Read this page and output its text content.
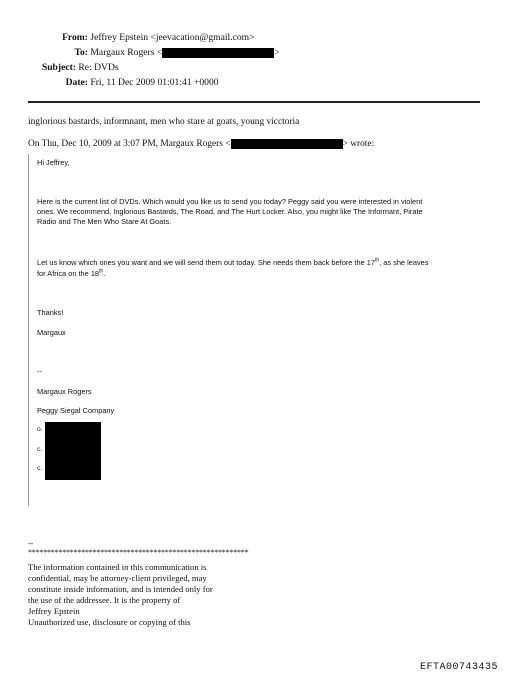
From: Jeffrey Epstein <jeevacation@gmail.com>
To: Margaux Rogers <	>
Subject: Re: DVDs
Date: Fri, 11 Dec 2009 01:01:41 +0000
inglorious bastards, informnant, men who stare at goats, young vicctoria
On Thu, Dec 10, 2009 at 3:07 PM, Margaux Rogers <	> wrote:
Hi Jeffrey,
Here is the current list of DVDs. Which would you like us to send you today? Peggy said you were interested in violent
ones. We recommend, Inglorious Bastards, The Road, and The Hurt Locker. Also, you might like The Informant, Pirate
Radio and The Men Who Stare At Goats.
Let us know which ones you want and we will send them out today. She needs them back before the 17th, as she leaves
for Africa on the 18th.
Thanks!
Margaux
--
Margaux Rogers
Peggy Siegal Company
o.
c.
c.
--
**********************************************************
The information contained in this communication is
confidential, may be attorney-client privileged, may
constitute inside information, and is intended only for
the use of the addressee. It is the property of
Jeffrey Epstein
Unauthorized use, disclosure or copying of this
EFTA00743435
